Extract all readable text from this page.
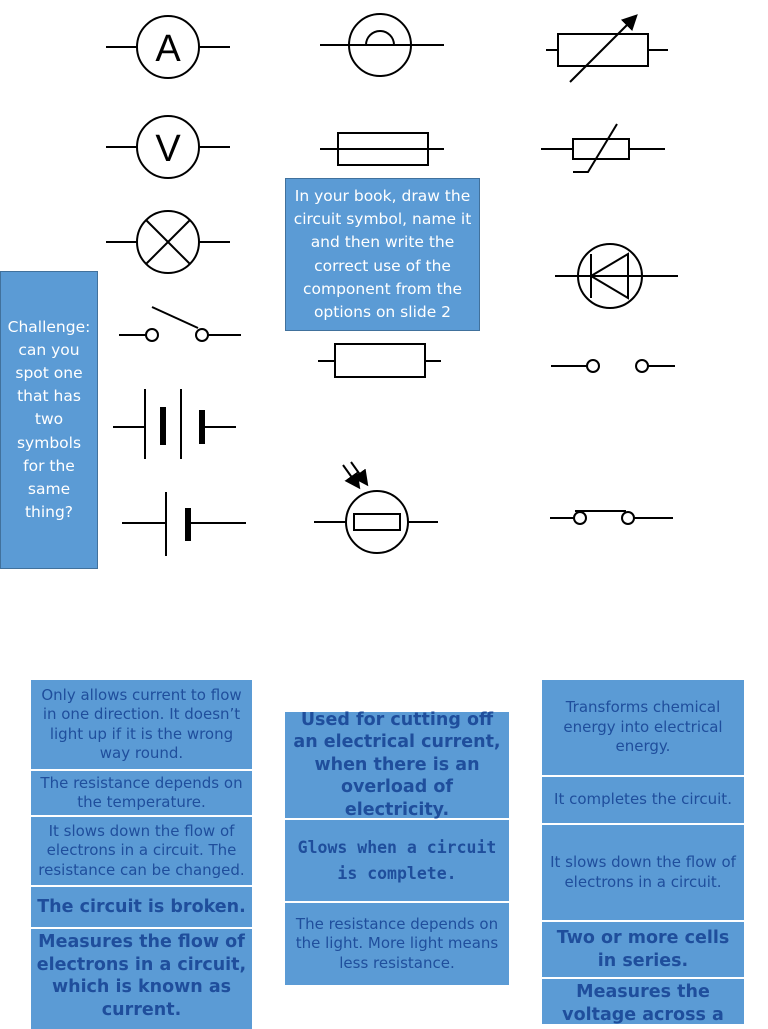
A
V
In your book, draw the circuit symbol, name it and then write the correct use of the component from the options on slide 2
Challenge: can you spot one that has two symbols for the same thing?
Only allows current to flow in one direction. It doesn’t light up if it is the wrong way round.
The resistance depends on the temperature.
It slows down the flow of electrons in a circuit. The resistance can be changed.
The circuit is broken.
Measures the flow of electrons in a circuit, which is known as current.
Used for cutting off an electrical current, when there is an overload of electricity.
Glows when a circuit is complete.
The resistance depends on the light. More light means less resistance.
Transforms chemical energy into electrical energy.
It completes the circuit.
It slows down the flow of electrons in a circuit.
Two or more cells in series.
Measures the voltage across a
